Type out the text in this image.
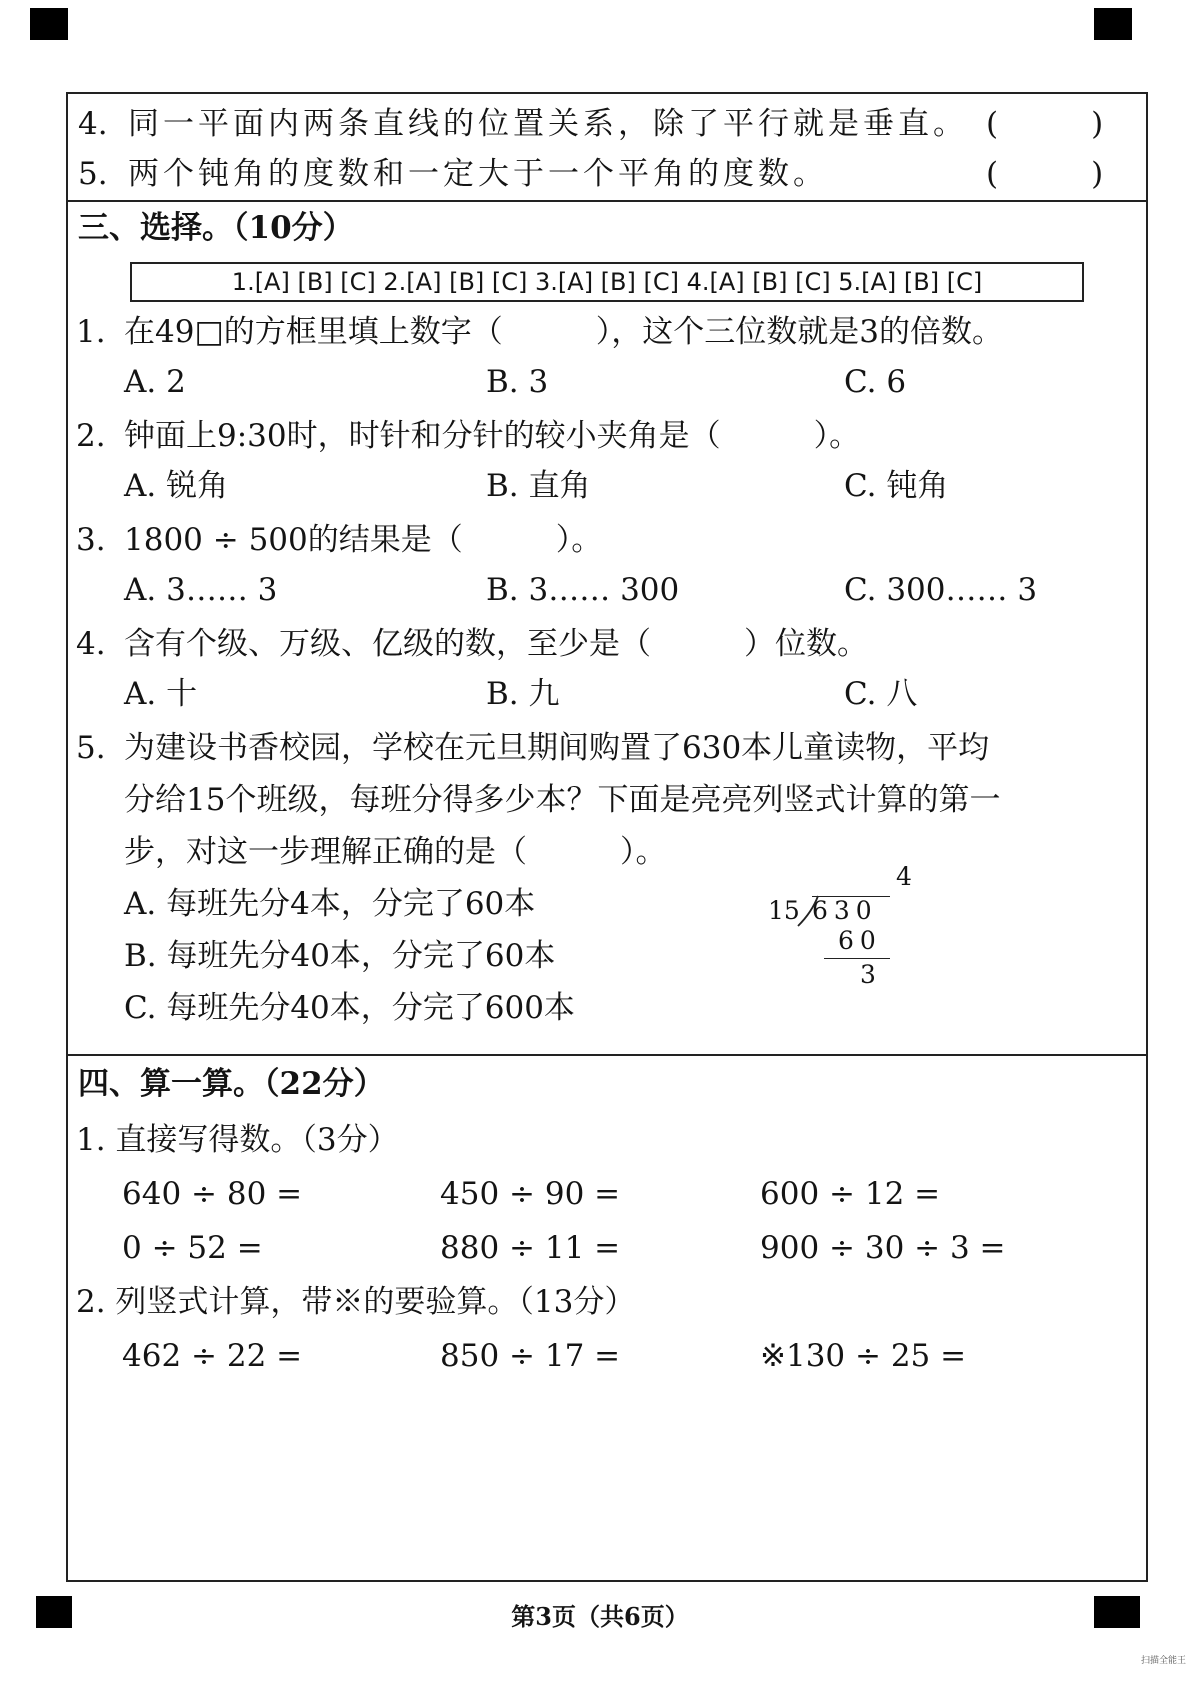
4. 同一平面内两条直线的位置关系，除了平行就是垂直。 (　　　)
5. 两个钝角的度数和一定大于一个平角的度数。	(　　　)
三、选择。（10分）
1.[A] [B] [C] 2.[A] [B] [C] 3.[A] [B] [C] 4.[A] [B] [C] 5.[A] [B] [C]
1. 在49□的方框里填上数字（　　　），这个三位数就是3的倍数。
A. 2	B. 3	C. 6
2. 钟面上9:30时，时针和分针的较小夹角是（　　　）。
A. 锐角	B. 直角	C. 钝角
3. 1800 ÷ 500的结果是（　　　）。
A. 3…… 3	B. 3…… 300	C. 300…… 3
4. 含有个级、万级、亿级的数，至少是（　　　）位数。
A. 十	B. 九	C. 八
5. 为建设书香校园，学校在元旦期间购置了630本儿童读物，平均
分给15个班级，每班分得多少本？下面是亮亮列竖式计算的第一
步，对这一步理解正确的是（　　　）。
A. 每班先分4本，分完了60本
B. 每班先分40本，分完了60本
C. 每班先分40本，分完了600本
4
15 630
60
3
四、算一算。（22分）
1. 直接写得数。（3分）
640 ÷ 80 =	450 ÷ 90 =	600 ÷ 12 =
0 ÷ 52 =	880 ÷ 11 =	900 ÷ 30 ÷ 3 =
2. 列竖式计算，带※的要验算。（13分）
462 ÷ 22 =	850 ÷ 17 =	※130 ÷ 25 =
第3页（共6页）
扫描全能王
